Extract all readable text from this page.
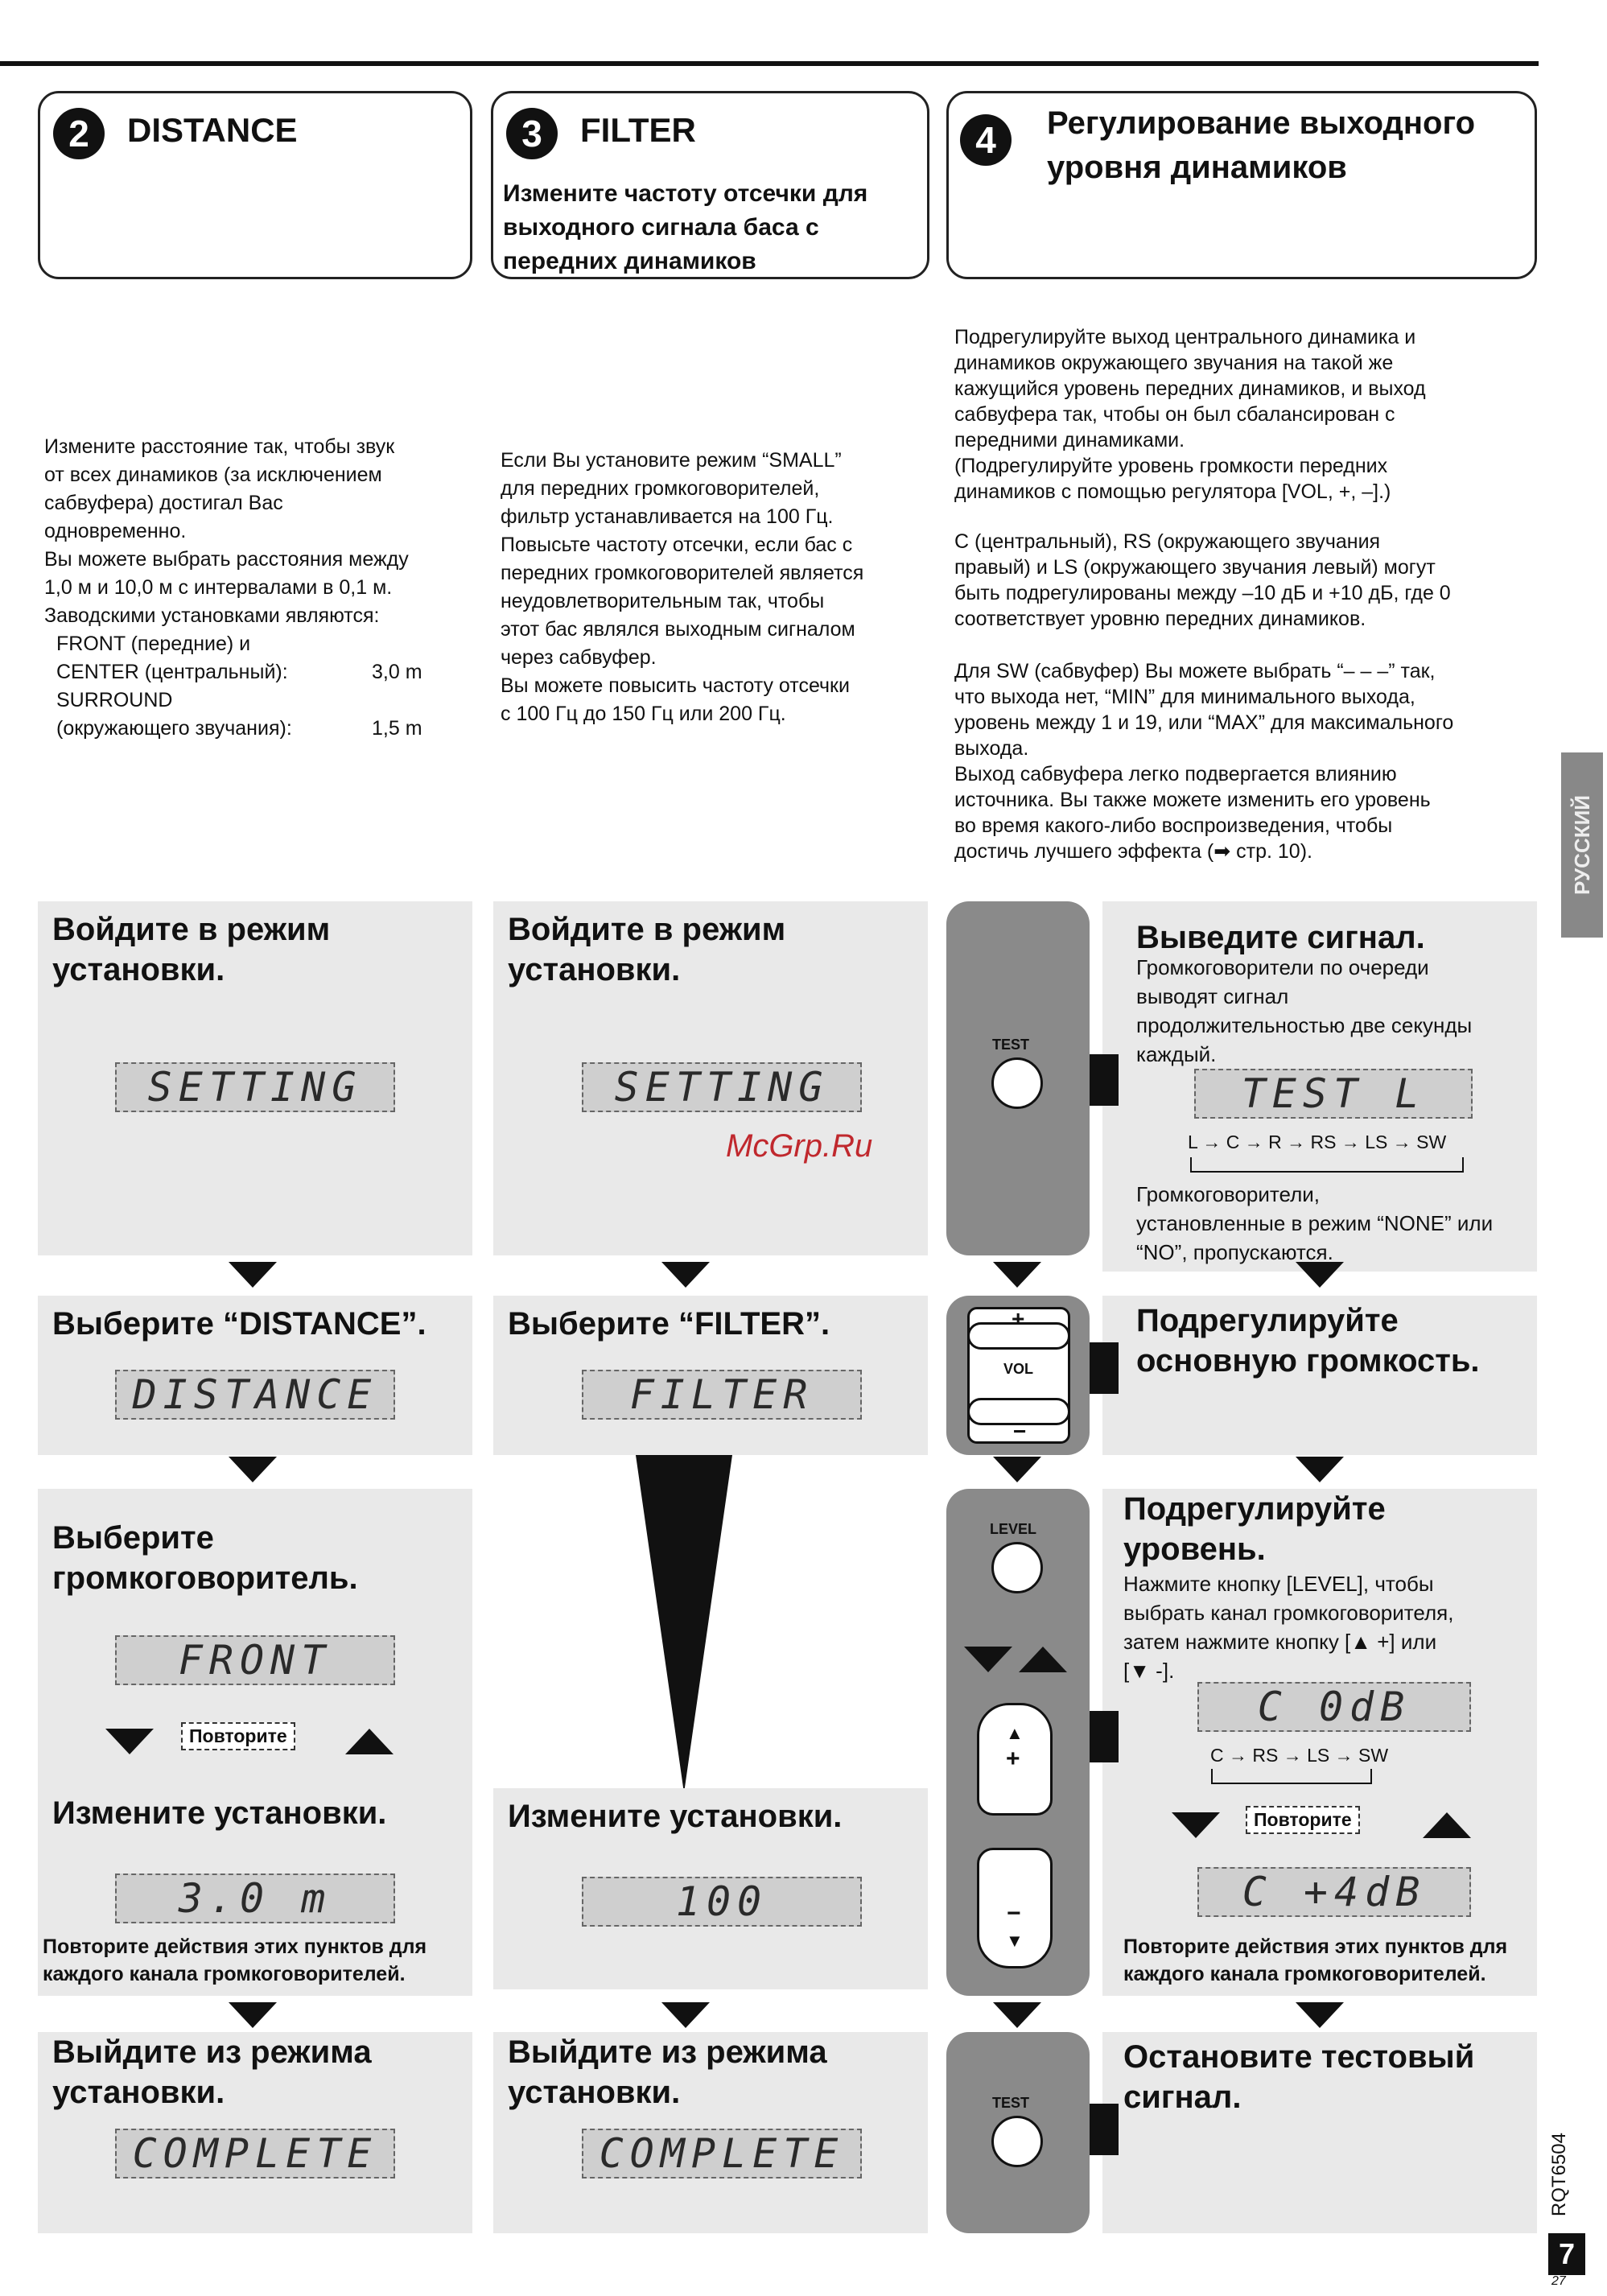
2	DISTANCE	3	FILTER
Измените частоту отсечки для
выходного сигнала баса с
передних динамиков
4	Регулирование выходного
уровня динамиков
Измените расстояние так, чтобы звук
от всех динамиков (за исключением
сабвуфера) достигал Вас
одновременно.
Вы можете выбрать расстояния между
1,0 м и 10,0 м с интервалами в 0,1 м.
Заводскими установками являются:
FRONT (передние) и
CENTER (центральный):	3,0 m
SURROUND
(окружающего звучания):	1,5 m
Если Вы установите режим “SMALL”
для передних громкоговорителей,
фильтр устанавливается на 100 Гц.
Повысьте частоту отсечки, если бас с
передних громкоговорителей является
неудовлетворительным так, чтобы
этот бас являлся выходным сигналом
через сабвуфер.
Вы можете повысить частоту отсечки
с 100 Гц до 150 Гц или 200 Гц.
Подрегулируйте выход центрального динамика и
динамиков окружающего звучания на такой же
кажущийся уровень передних динамиков, и выход
сабвуфера так, чтобы он был сбалансирован с
передними динамиками.
(Подрегулируйте уровень громкости передних
динамиков с помощью регулятора [VOL, +, –].)
C (центральный), RS (окружающего звучания
правый) и LS (окружающего звучания левый) могут
быть подрегулированы между –10 дБ и +10 дБ, где 0
соответствует уровню передних динамиков.
Для SW (сабвуфер) Вы можете выбрать “– – –” так,
что выхода нет, “MIN” для минимального выхода,
уровень между 1 и 19, или “MAX” для максимального
выхода.
Выход сабвуфера легко подвергается влиянию
источника. Вы также можете изменить его уровень
во время какого-либо воспроизведения, чтобы
достичь лучшего эффекта (➡ стр. 10).
Войдите в режим
установки.
SETTING
Выберите “DISTANCE”.
DISTANCE
Выберите
громкоговоритель.
FRONT
Повторите
Измените установки.
3.0 m
Повторите действия этих пунктов для
каждого канала громкоговорителей.
Выйдите из режима
установки.
COMPLETE
Войдите в режим
установки.
SETTING
Выберите “FILTER”.
FILTER
Измените установки.
100
Выйдите из режима
установки.
COMPLETE
Выведите сигнал.
Громкоговорители по очереди
выводят сигнал
продолжительностью две секунды
каждый.
TEST L
L → C → R → RS → LS → SW
Громкоговорители,
установленные в режим “NONE” или
“NO”, пропускаются.
Подрегулируйте
основную громкость.
Подрегулируйте
уровень.
Нажмите кнопку [LEVEL], чтобы
выбрать канал громкоговорителя,
затем нажмите кнопку [▲ +] или
[▼ -].
C 0dB
C → RS → LS → SW
Повторите
C +4dB
Повторите действия этих пунктов для
каждого канала громкоговорителей.
Остановите тестовый
сигнал.
TEST
+
VOL
−
LEVEL
▲
+
−
▼
TEST
McGrp.Ru
РУССКИЙ
RQT6504
7
27
